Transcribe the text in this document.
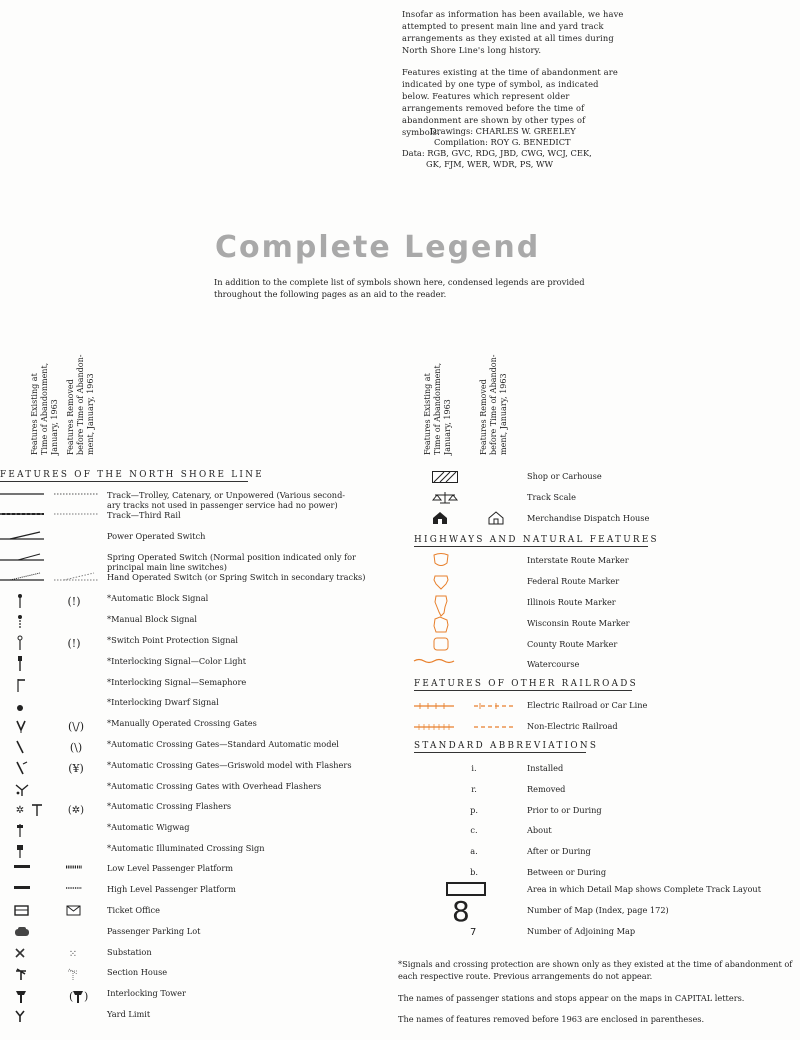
Insofar as information has been available, we have attempted to present main line and yard track arrangements as they existed at all times during North Shore Line's long history.

Features existing at the time of abandonment are indicated by one type of symbol, as indicated below. Features which represent older arrangements removed before the time of abandonment are shown by other types of symbols.

Drawings: CHARLES W. GREELEY
Compilation: ROY G. BENEDICT
Data: RGB, GVC, RDG, JBD, CWG, WCJ, CEK,
GK, FJM, WER, WDR, PS, WW
Complete Legend
In addition to the complete list of symbols shown here, condensed legends are provided throughout the following pages as an aid to the reader.
Features Existing at
Time of Abandonment,
January, 1963
Features Removed
before Time of Abandon-
ment, January, 1963
Features Existing at
Time of Abandonment,
January, 1963
Features Removed
before Time of Abandon-
ment, January, 1963
FEATURES OF THE NORTH SHORE LINE
HIGHWAYS AND NATURAL FEATURES
FEATURES OF OTHER RAILROADS
STANDARD ABBREVIATIONS
Track—Trolley, Catenary, or Unpowered (Various second-
ary tracks not used in passenger service had no power)
Track—Third Rail
Power Operated Switch
Spring Operated Switch (Normal position indicated only for
principal main line switches)
Hand Operated Switch (or Spring Switch in secondary tracks)
(!)	*Automatic Block Signal
*Manual Block Signal
(!)	*Switch Point Protection Signal
*Interlocking Signal—Color Light
*Interlocking Signal—Semaphore
*Interlocking Dwarf Signal
(\/)	*Manually Operated Crossing Gates
(\)	*Automatic Crossing Gates—Standard Automatic model
(¥)	*Automatic Crossing Gates—Griswold model with Flashers
*Automatic Crossing Gates with Overhead Flashers
✲	(✲)	*Automatic Crossing Flashers
*Automatic Wigwag
*Automatic Illuminated Crossing Sign
Low Level Passenger Platform
High Level Passenger Platform
Ticket Office
Passenger Parking Lot
⁙	Substation
Section House
( ) Interlocking Tower
Yard Limit
Shop or Carhouse
Track Scale
Merchandise Dispatch House
Interstate Route Marker
Federal Route Marker
Illinois Route Marker
Wisconsin Route Marker
County Route Marker
Watercourse
Electric Railroad or Car Line
Non-Electric Railroad
i.	Installed
r.	Removed
p.	Prior to or During
c.	About
a.	After or During
b.	Between or During
Area in which Detail Map shows Complete Track Layout
8	Number of Map (Index, page 172)
7	Number of Adjoining Map
*Signals and crossing protection are shown only as they existed at the time of abandonment of each respective route. Previous arrangements do not appear.
The names of passenger stations and stops appear on the maps in CAPITAL letters.
The names of features removed before 1963 are enclosed in parentheses.
